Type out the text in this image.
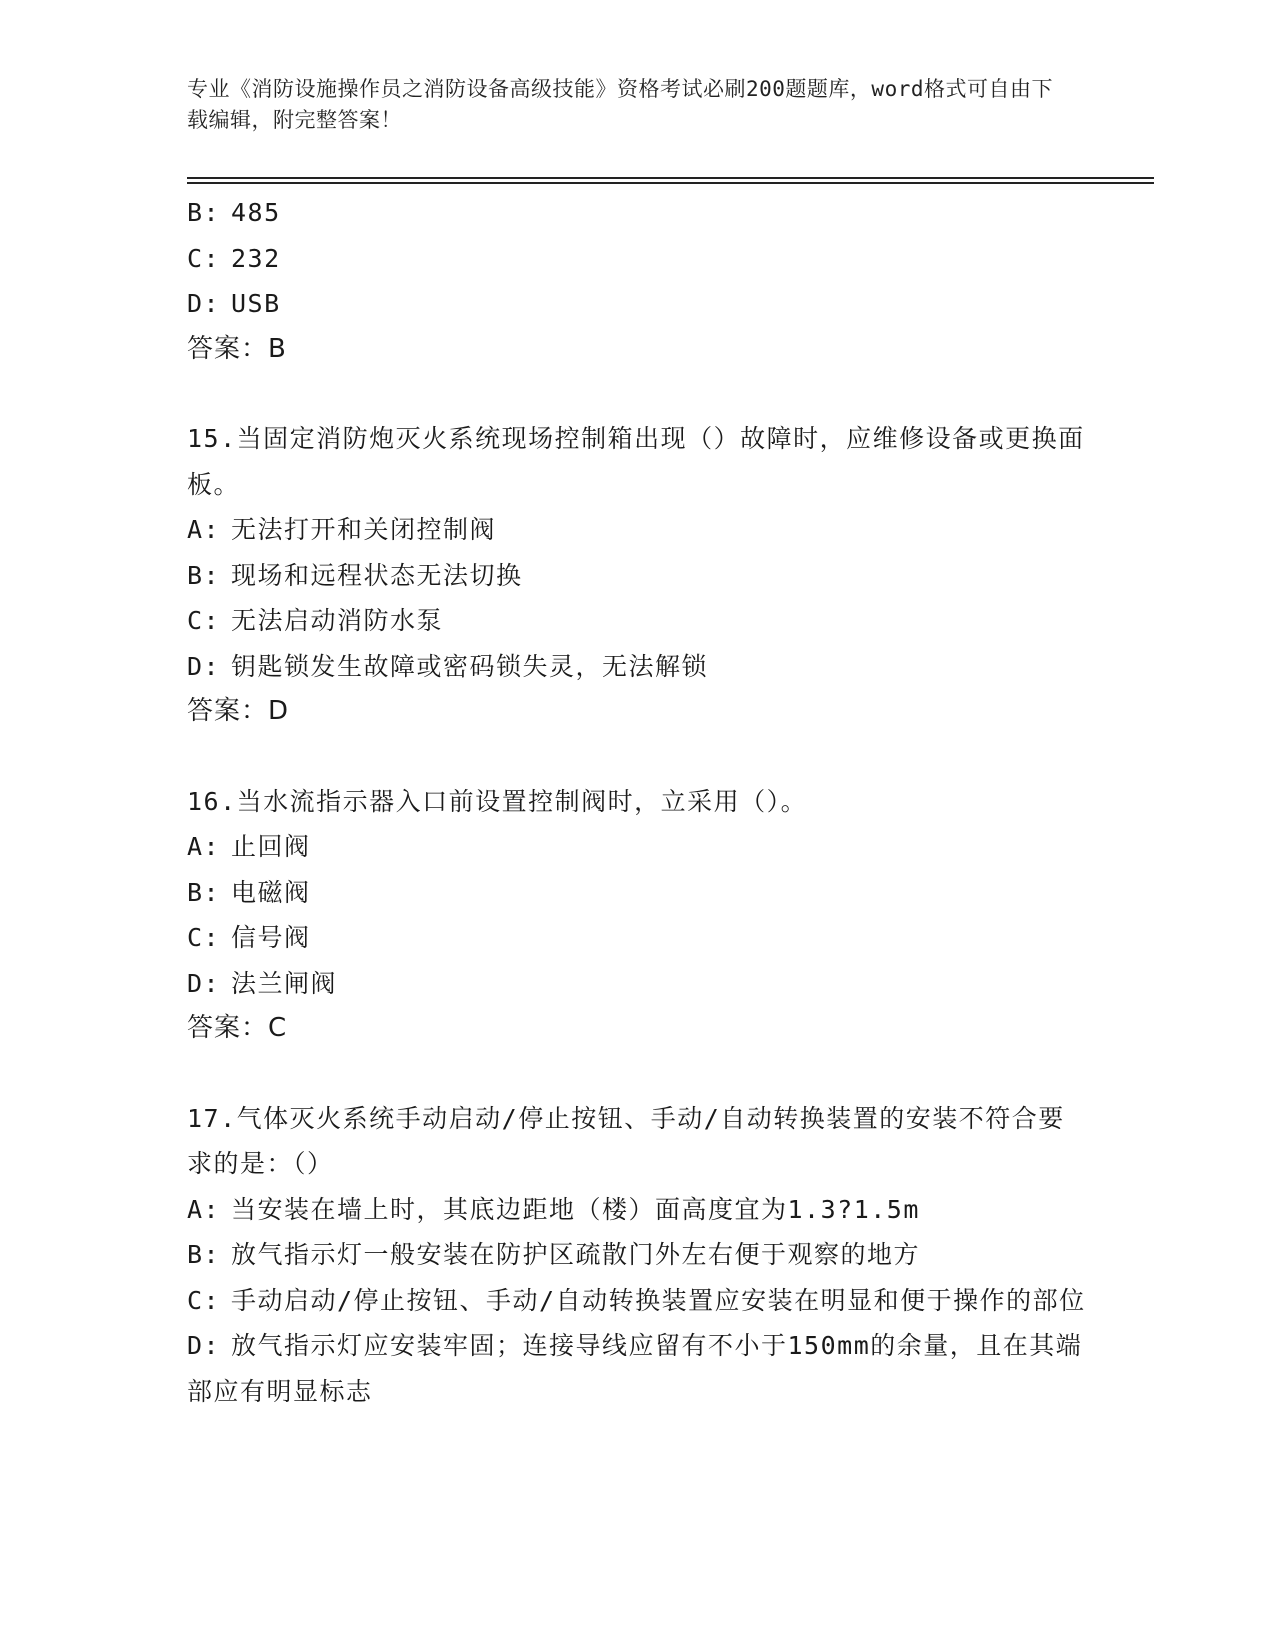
专业《消防设施操作员之消防设备高级技能》资格考试必刷200题题库，word格式可自由下载编辑，附完整答案！
B: 485
C: 232
D: USB
答案：B
15.当固定消防炮灭火系统现场控制箱出现（）故障时，应维修设备或更换面板。
A: 无法打开和关闭控制阀
B: 现场和远程状态无法切换
C: 无法启动消防水泵
D: 钥匙锁发生故障或密码锁失灵，无法解锁
答案：D
16.当水流指示器入口前设置控制阀时，立采用（）。
A: 止回阀
B: 电磁阀
C: 信号阀
D: 法兰闸阀
答案：C
17.气体灭火系统手动启动/停止按钮、手动/自动转换装置的安装不符合要求的是：（）
A: 当安装在墙上时，其底边距地（楼）面高度宜为1.3?1.5m
B: 放气指示灯一般安装在防护区疏散门外左右便于观察的地方
C: 手动启动/停止按钮、手动/自动转换装置应安装在明显和便于操作的部位
D: 放气指示灯应安装牢固；连接导线应留有不小于150mm的余量，且在其端部应有明显标志
